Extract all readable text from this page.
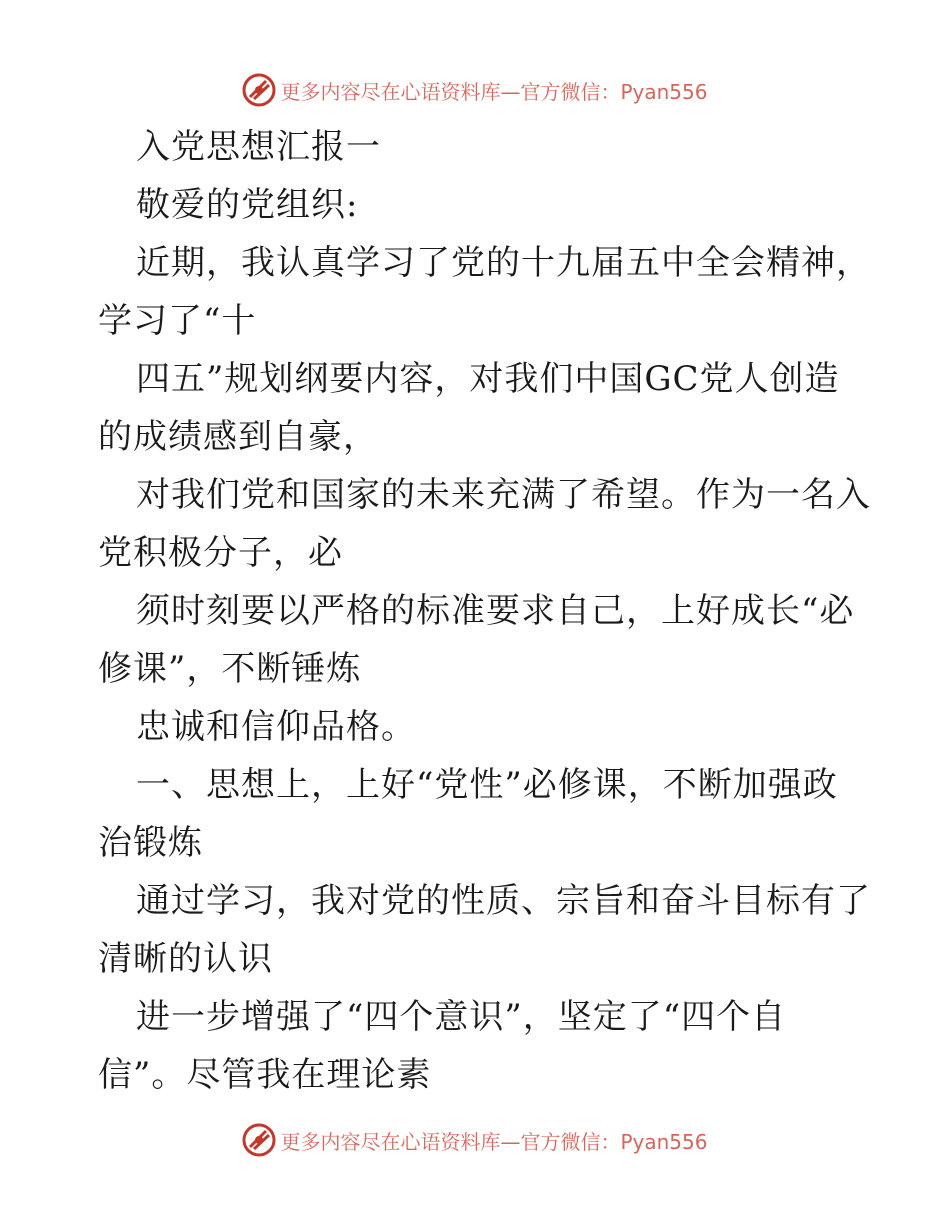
更多内容尽在心语资料库—官方微信：Pyan556
入党思想汇报一
敬爱的党组织:
近期，我认真学习了党的十九届五中全会精神，
学习了“十
四五”规划纲要内容，对我们中国GC党人创造
的成绩感到自豪，
对我们党和国家的未来充满了希望。作为一名入
党积极分子，必
须时刻要以严格的标准要求自己，上好成长“必
修课”，不断锤炼
忠诚和信仰品格。
一、思想上，上好“党性”必修课，不断加强政
治锻炼
通过学习，我对党的性质、宗旨和奋斗目标有了
清晰的认识
进一步增强了“四个意识”，坚定了“四个自
信”。尽管我在理论素
更多内容尽在心语资料库—官方微信：Pyan556
